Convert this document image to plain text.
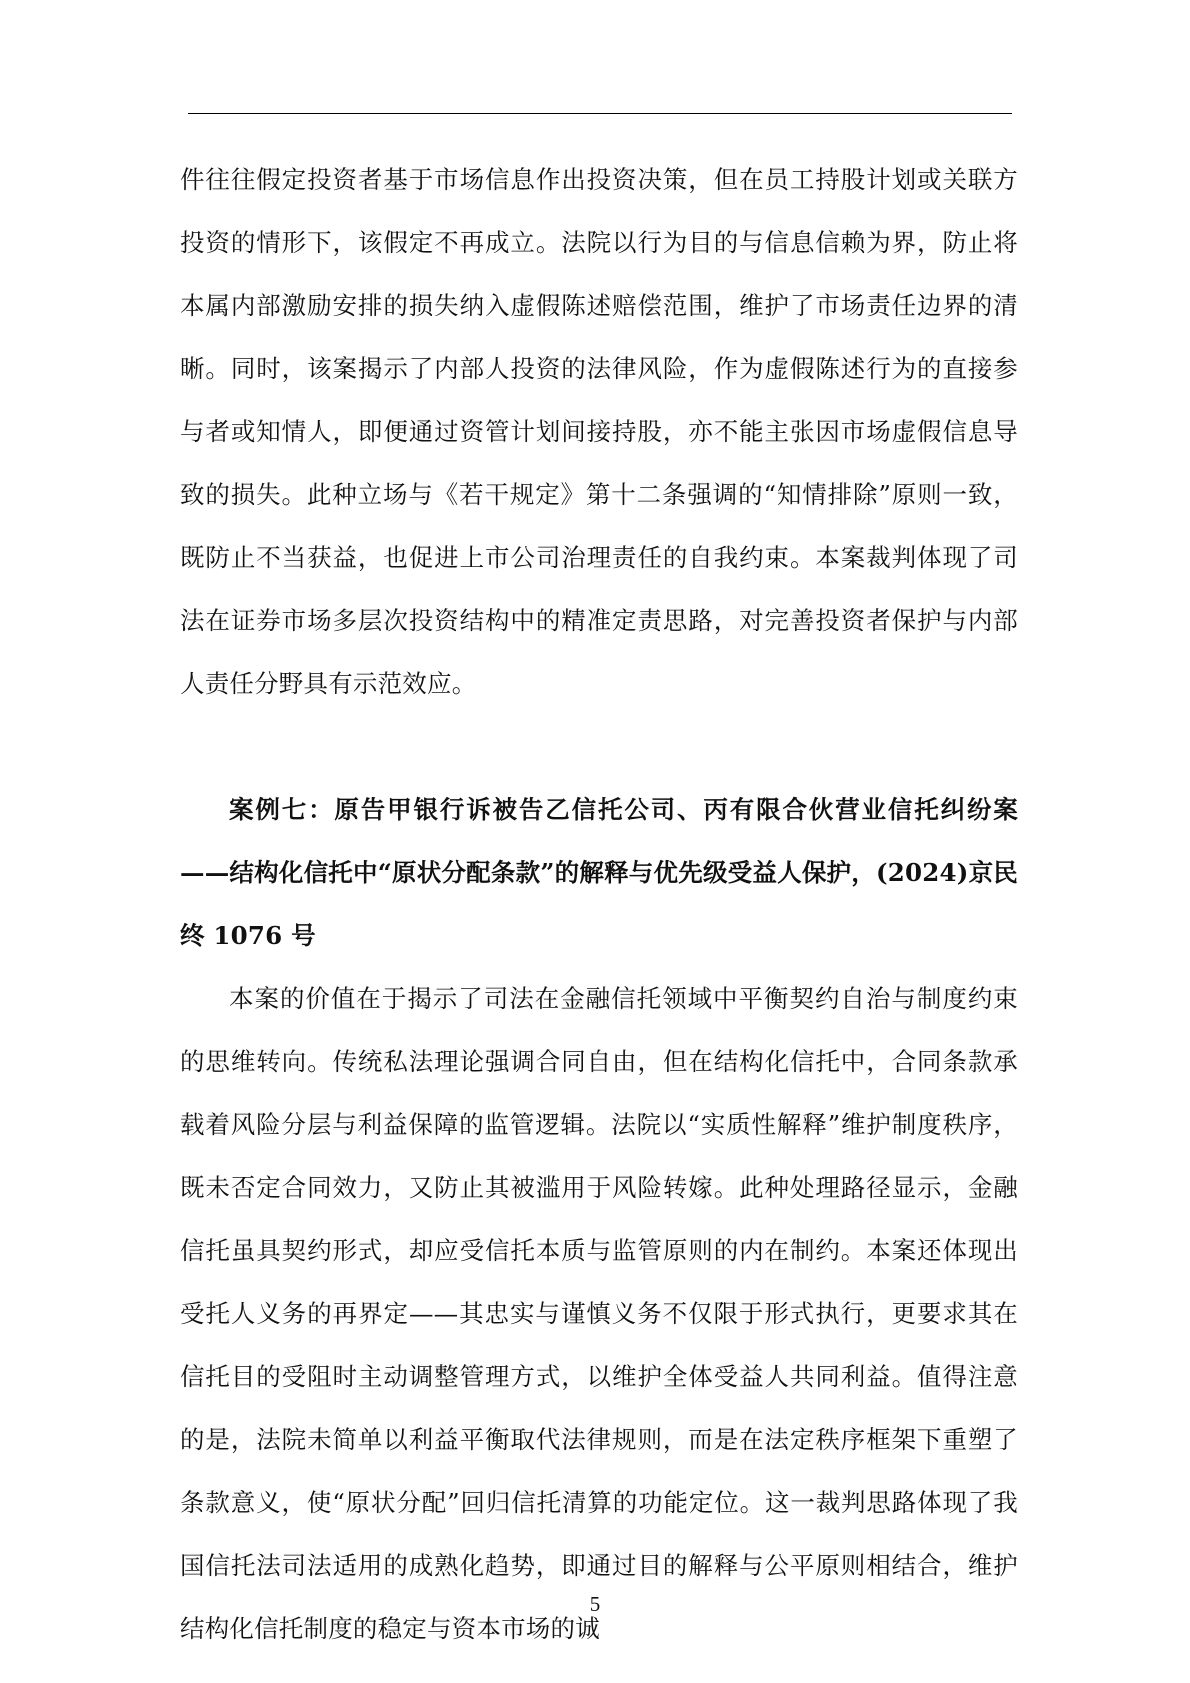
件往往假定投资者基于市场信息作出投资决策，但在员工持股计划或关联方投资的情形下，该假定不再成立。法院以行为目的与信息信赖为界，防止将本属内部激励安排的损失纳入虚假陈述赔偿范围，维护了市场责任边界的清晰。同时，该案揭示了内部人投资的法律风险，作为虚假陈述行为的直接参与者或知情人，即便通过资管计划间接持股，亦不能主张因市场虚假信息导致的损失。此种立场与《若干规定》第十二条强调的“知情排除”原则一致，既防止不当获益，也促进上市公司治理责任的自我约束。本案裁判体现了司法在证券市场多层次投资结构中的精准定责思路，对完善投资者保护与内部人责任分野具有示范效应。

案例七：原告甲银行诉被告乙信托公司、丙有限合伙营业信托纠纷案——结构化信托中“原状分配条款”的解释与优先级受益人保护，(2024)京民终 1076 号

本案的价值在于揭示了司法在金融信托领域中平衡契约自治与制度约束的思维转向。传统私法理论强调合同自由，但在结构化信托中，合同条款承载着风险分层与利益保障的监管逻辑。法院以“实质性解释”维护制度秩序，既未否定合同效力，又防止其被滥用于风险转嫁。此种处理路径显示，金融信托虽具契约形式，却应受信托本质与监管原则的内在制约。本案还体现出受托人义务的再界定——其忠实与谨慎义务不仅限于形式执行，更要求其在信托目的受阻时主动调整管理方式，以维护全体受益人共同利益。值得注意的是，法院未简单以利益平衡取代法律规则，而是在法定秩序框架下重塑了条款意义，使“原状分配”回归信托清算的功能定位。这一裁判思路体现了我国信托法司法适用的成熟化趋势，即通过目的解释与公平原则相结合，维护结构化信托制度的稳定与资本市场的诚

5
